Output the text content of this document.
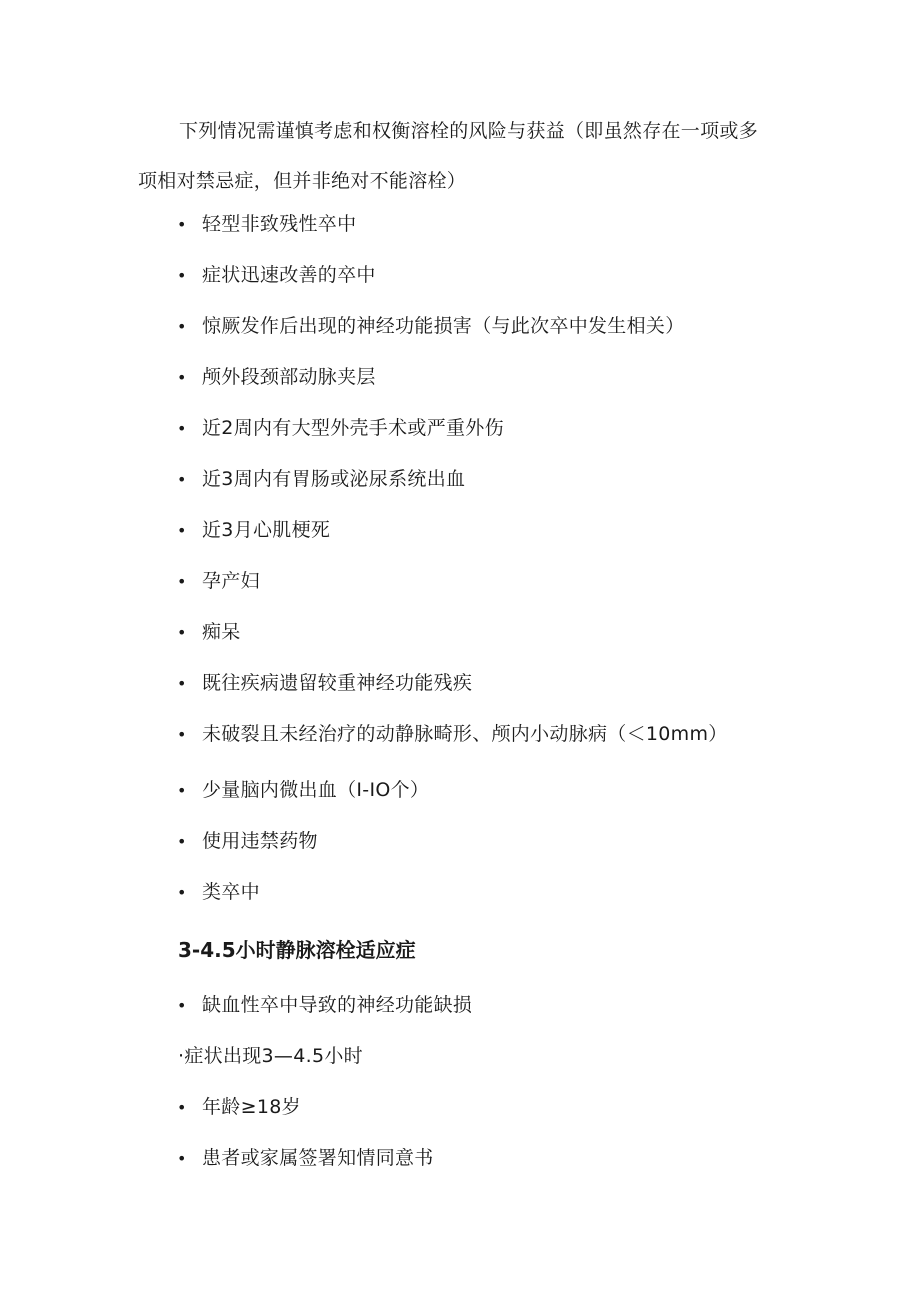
下列情况需谨慎考虑和权衡溶栓的风险与获益（即虽然存在一项或多项相对禁忌症，但并非绝对不能溶栓）

• 轻型非致残性卒中
• 症状迅速改善的卒中
• 惊厥发作后出现的神经功能损害（与此次卒中发生相关）
• 颅外段颈部动脉夹层
• 近2周内有大型外壳手术或严重外伤
• 近3周内有胃肠或泌尿系统出血
• 近3月心肌梗死
• 孕产妇
• 痴呆
• 既往疾病遗留较重神经功能残疾
• 未破裂且未经治疗的动静脉畸形、颅内小动脉病（＜10mm）
• 少量脑内微出血（I-IO个）
• 使用违禁药物
• 类卒中
3-4.5小时静脉溶栓适应症
• 缺血性卒中导致的神经功能缺损
·症状出现3—4.5小时
• 年龄≥18岁
• 患者或家属签署知情同意书
